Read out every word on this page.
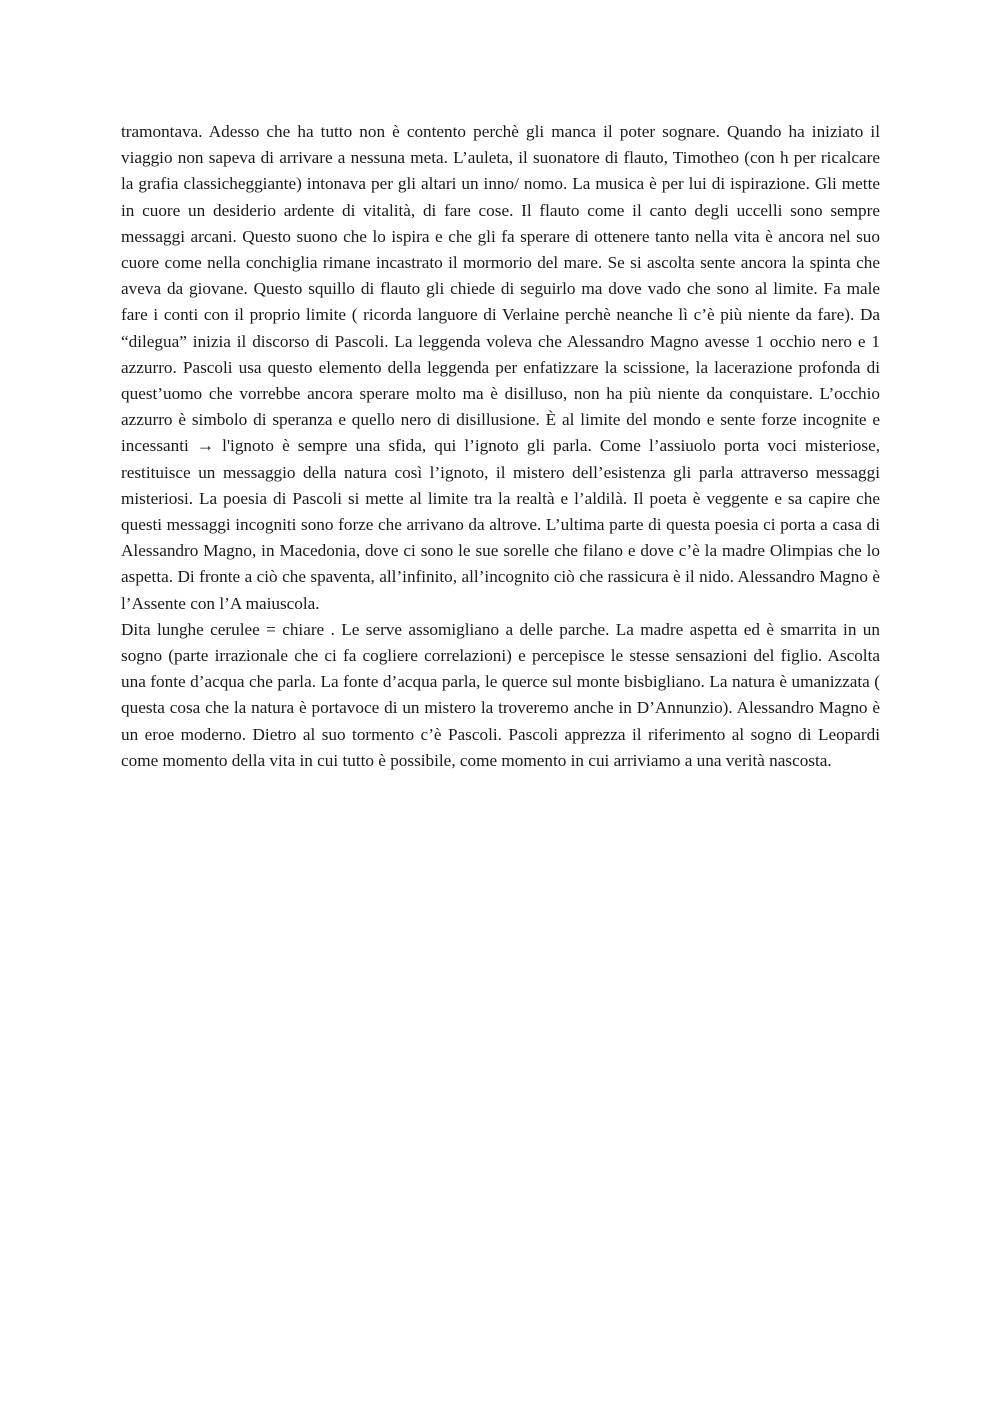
tramontava. Adesso che ha tutto non è contento perchè gli manca il poter sognare. Quando ha iniziato il viaggio non sapeva di arrivare a nessuna meta. L’auleta, il suonatore di flauto, Timotheo (con h per ricalcare la grafia classicheggiante) intonava per gli altari un inno/ nomo. La musica è per lui di ispirazione. Gli mette in cuore un desiderio ardente di vitalità, di fare cose. Il flauto come il canto degli uccelli sono sempre messaggi arcani. Questo suono che lo ispira e che gli fa sperare di ottenere tanto nella vita è ancora nel suo cuore come nella conchiglia rimane incastrato il mormorio del mare. Se si ascolta sente ancora la spinta che aveva da giovane. Questo squillo di flauto gli chiede di seguirlo ma dove vado che sono al limite. Fa male fare i conti con il proprio limite ( ricorda languore di Verlaine perchè neanche lì c’è più niente da fare). Da “dilegua” inizia il discorso di Pascoli. La leggenda voleva che Alessandro Magno avesse 1 occhio nero e 1 azzurro. Pascoli usa questo elemento della leggenda per enfatizzare la scissione, la lacerazione profonda di quest’uomo che vorrebbe ancora sperare molto ma è disilluso, non ha più niente da conquistare. L’occhio azzurro è simbolo di speranza e quello nero di disillusione. È al limite del mondo e sente forze incognite e incessanti → l'ignoto è sempre una sfida, qui l’ignoto gli parla. Come l’assiuolo porta voci misteriose, restituisce un messaggio della natura così l’ignoto, il mistero dell’esistenza gli parla attraverso messaggi misteriosi. La poesia di Pascoli si mette al limite tra la realtà e l’aldilà. Il poeta è veggente e sa capire che questi messaggi incogniti sono forze che arrivano da altrove. L’ultima parte di questa poesia ci porta a casa di Alessandro Magno, in Macedonia, dove ci sono le sue sorelle che filano e dove c’è la madre Olimpias che lo aspetta. Di fronte a ciò che spaventa, all’infinito, all’incognito ciò che rassicura è il nido. Alessandro Magno è l’Assente con l’A maiuscola.

Dita lunghe cerulee = chiare . Le serve assomigliano a delle parche. La madre aspetta ed è smarrita in un sogno (parte irrazionale che ci fa cogliere correlazioni) e percepisce le stesse sensazioni del figlio. Ascolta una fonte d’acqua che parla. La fonte d’acqua parla, le querce sul monte bisbigliano. La natura è umanizzata ( questa cosa che la natura è portavoce di un mistero la troveremo anche in D’Annunzio). Alessandro Magno è un eroe moderno. Dietro al suo tormento c’è Pascoli. Pascoli apprezza il riferimento al sogno di Leopardi come momento della vita in cui tutto è possibile, come momento in cui arriviamo a una verità nascosta.
